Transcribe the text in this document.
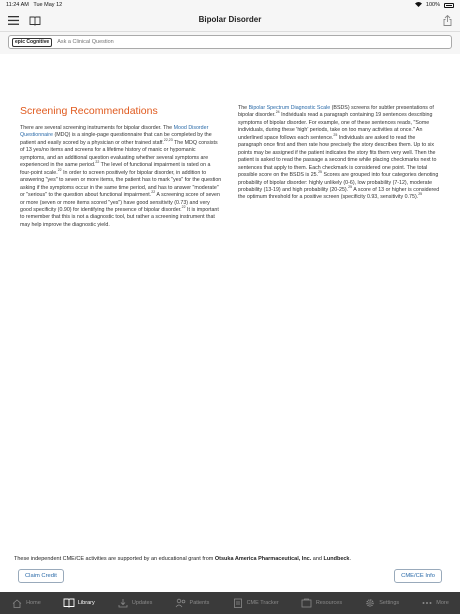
11:24 AM Tue May 12	100%
Bipolar Disorder
epic Cognitive
Ask a Clinical Question
Screening Recommendations

There are several screening instruments for bipolar disorder. The Mood Disorder Questionnaire (MDQ) is a single-page questionnaire that can be completed by the patient and easily scored by a physician or other trained staff.$^{22,23}$ The MDQ consists of 13 yes/no items and screens for a lifetime history of manic or hypomanic symptoms, and an additional question evaluating whether several symptoms are experienced in the same period.$^{22}$ The level of functional impairment is rated on a four-point scale.$^{22}$ In order to screen positively for bipolar disorder, in addition to answering "yes" to seven or more items, the patient has to mark "yes" for the question asking if the symptoms occur in the same time period, and has to answer "moderate" or "serious" to the question about functional impairment.$^{22}$ A screening score of seven or more (seven or more items scored "yes") have good sensitivity (0.73) and very good specificity (0.90) for identifying the presence of bipolar disorder.$^{22}$ It is important to remember that this is not a diagnostic tool, but rather a screening instrument that may help improve the diagnostic yield.

The Bipolar Spectrum Diagnostic Scale (BSDS) screens for subtler presentations of bipolar disorder.$^{24}$ Individuals read a paragraph containing 19 sentences describing symptoms of bipolar disorder. For example, one of these sentences reads, "Some individuals, during these 'high' periods, take on too many activities at once." An underlined space follows each sentence.$^{25}$ Individuals are asked to read the paragraph once first and then rate how precisely the story describes them. Up to six points may be assigned if the patient indicates the story fits them very well. Then the patient is asked to read the passage a second time while placing checkmarks next to sentences that apply to them. Each checkmark is considered one point. The total possible score on the BSDS is 25.25 Scores are grouped into four categories denoting probability of bipolar disorder: highly unlikely (0-6), low probability (7-12), moderate probability (13-19) and high probability (20-25).$^{25}$ A score of 13 or higher is considered the optimum threshold for a positive screen (specificity 0.93, sensitivity 0.75).$^{25}$

These independent CME/CE activities are supported by an educational grant from Otsuka America Pharmaceutical, Inc. and Lundbeck.
Claim Credit	CME/CE Info
Home	Library	Updates	Patients	CME Tracker	Resources	Settings	More
